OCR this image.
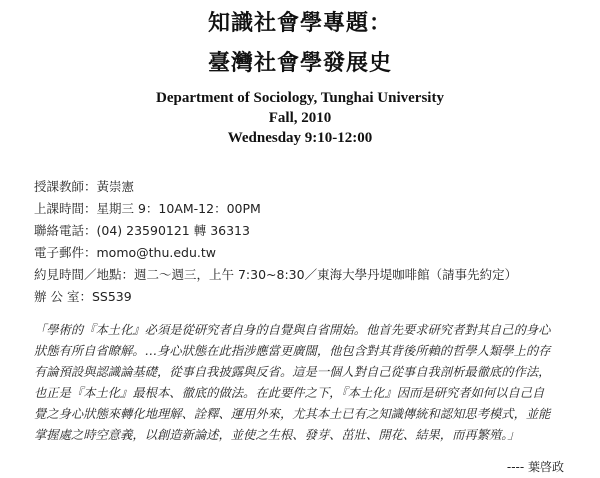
知識社會學專題：
臺灣社會學發展史
Department of Sociology, Tunghai University
Fall, 2010
Wednesday 9:10-12:00
授課教師：黃崇憲
上課時間：星期三 9：10AM-12：00PM
聯絡電話：(04) 23590121 轉 36313
電子郵件：momo@thu.edu.tw
約見時間／地點：週二～週三，上午 7:30~8:30／東海大學丹堤咖啡館（請事先約定）
辦 公 室：SS539
「學術的『本土化』必須是從研究者自身的自覺與自省開始。他首先要求研究者對其自己的身心
狀態有所自省瞭解。…身心狀態在此指涉應當更廣闊，他包含對其背後所賴的哲學人類學上的存
有論預設與認識論基礎，從事自我披露與反省。這是一個人對自己從事自我剖析最徹底的作法，
也正是『本土化』最根本、徹底的做法。在此要件之下，『本土化』因而是研究者如何以自己自
覺之身心狀態來轉化地理解、詮釋、運用外來，尤其本土已有之知識傳統和認知思考模式，並能
掌握處之時空意義，以創造新論述，並使之生根、發芽、茁壯、開花、結果，而再繁殖。」
---- 葉啓政
